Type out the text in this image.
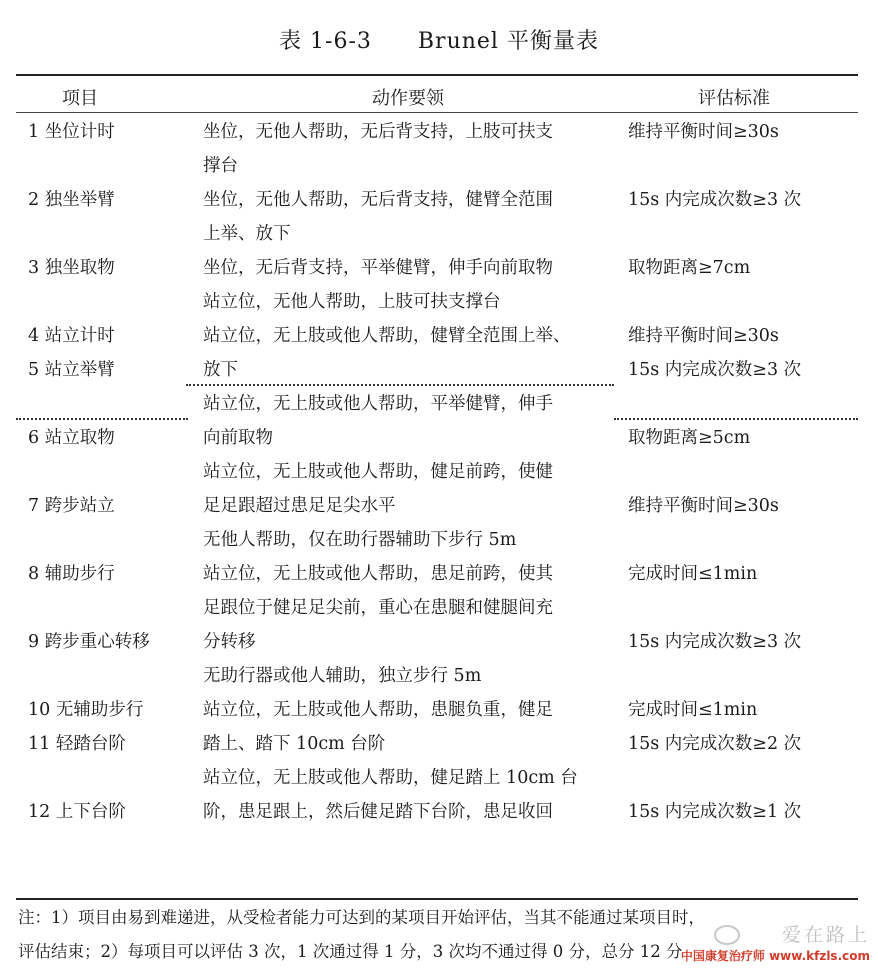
表 1-6-3　　Brunel 平衡量表
项目	动作要领	评估标准
1 坐位计时
2 独坐举臂
3 独坐取物
4 站立计时
5 站立举臂
6 站立取物
7 跨步站立
8 辅助步行
9 跨步重心转移
10 无辅助步行
11 轻踏台阶
12 上下台阶
坐位，无他人帮助，无后背支持，上肢可扶支
撑台
坐位，无他人帮助，无后背支持，健臂全范围
上举、放下
坐位，无后背支持，平举健臂，伸手向前取物
站立位，无他人帮助，上肢可扶支撑台
站立位，无上肢或他人帮助，健臂全范围上举、
放下
站立位，无上肢或他人帮助，平举健臂，伸手
向前取物
站立位，无上肢或他人帮助，健足前跨，使健
足足跟超过患足足尖水平
无他人帮助，仅在助行器辅助下步行 5m
站立位，无上肢或他人帮助，患足前跨，使其
足跟位于健足足尖前，重心在患腿和健腿间充
分转移
无助行器或他人辅助，独立步行 5m
站立位，无上肢或他人帮助，患腿负重，健足
踏上、踏下 10cm 台阶
站立位，无上肢或他人帮助，健足踏上 10cm 台
阶，患足跟上，然后健足踏下台阶，患足收回
维持平衡时间≥30s
15s 内完成次数≥3 次
取物距离≥7cm
维持平衡时间≥30s
15s 内完成次数≥3 次
取物距离≥5cm
维持平衡时间≥30s
完成时间≤1min
15s 内完成次数≥3 次
完成时间≤1min
15s 内完成次数≥2 次
15s 内完成次数≥1 次
注：1）项目由易到难递进，从受检者能力可达到的某项目开始评估，当其不能通过某项目时，
评估结束；2）每项目可以评估 3 次，1 次通过得 1 分，3 次均不通过得 0 分，总分 12 分
爱在路上
中国康复治疗师 www.kfzls.com
